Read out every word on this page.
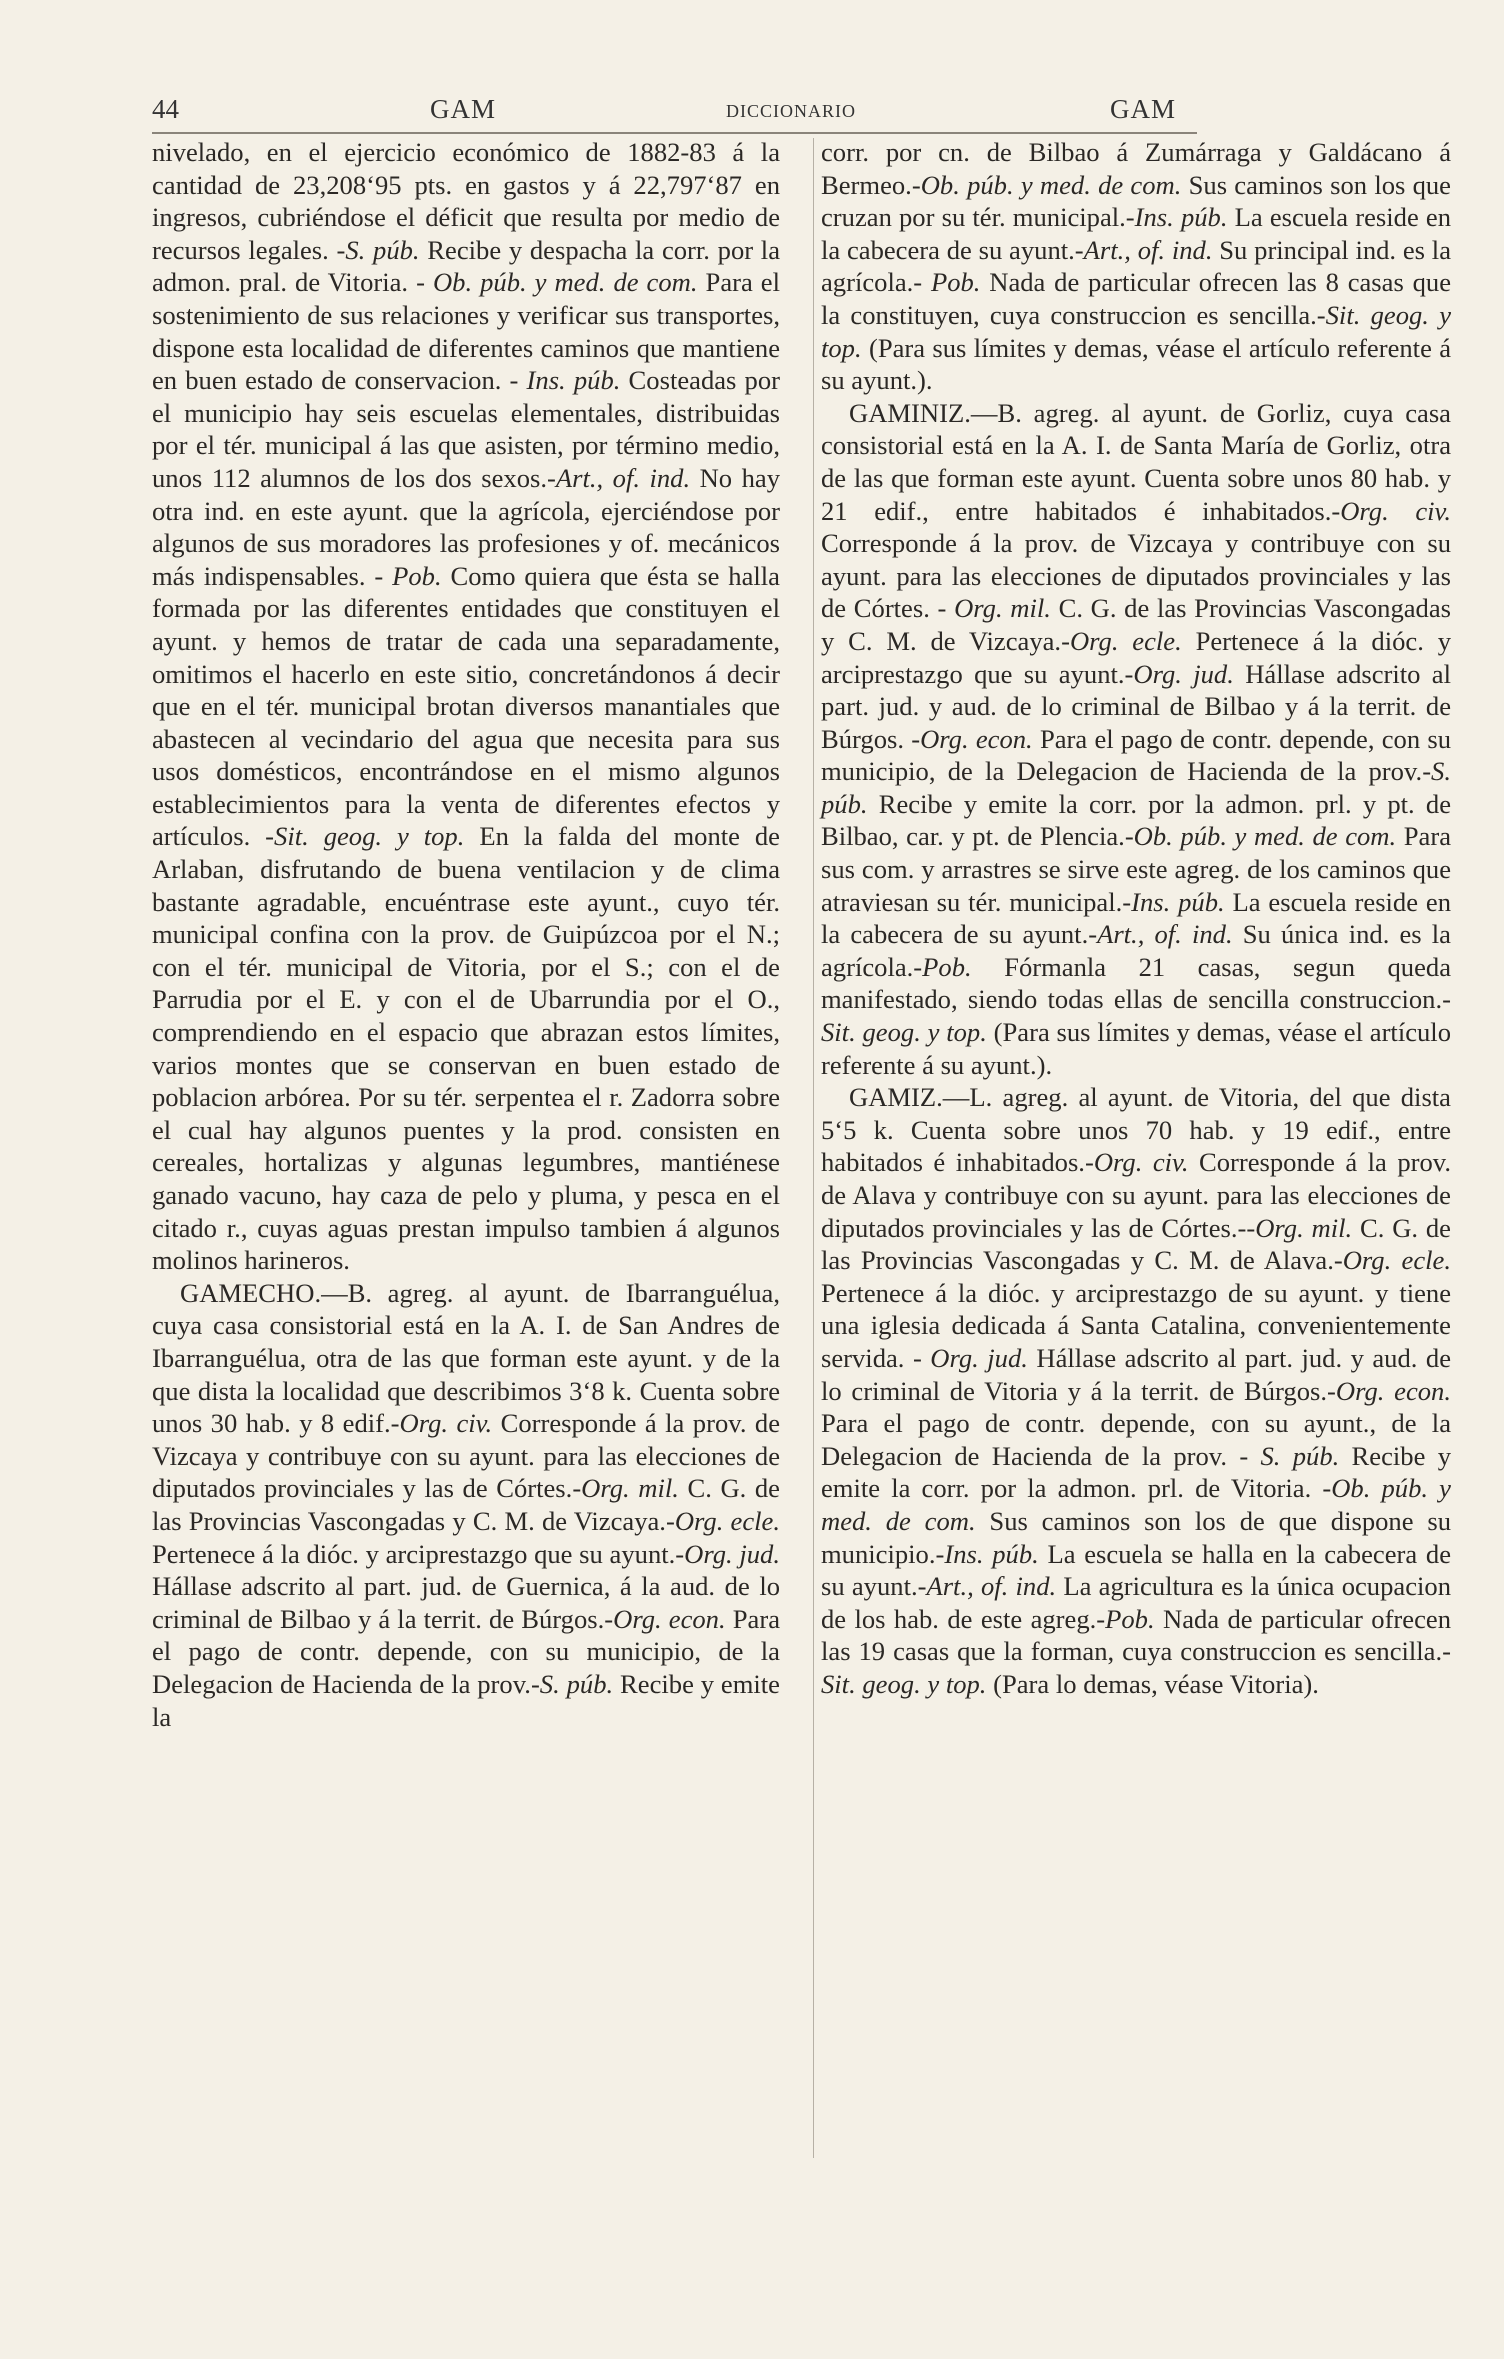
44	GAM	DICCIONARIO	GAM

nivelado, en el ejercicio económico de 1882-83 á la cantidad de 23,208‘95 pts. en gastos y á 22,797‘87 en ingresos, cubriéndose el déficit que resulta por medio de recursos legales. -S. púb. Recibe y despacha la corr. por la admon. pral. de Vitoria. - Ob. púb. y med. de com. Para el sostenimiento de sus relaciones y verificar sus transportes, dispone esta localidad de diferentes caminos que mantiene en buen estado de conservacion. - Ins. púb. Costeadas por el municipio hay seis escuelas elementales, distribuidas por el tér. municipal á las que asisten, por término medio, unos 112 alumnos de los dos sexos.-Art., of. ind. No hay otra ind. en este ayunt. que la agrícola, ejerciéndose por algunos de sus moradores las profesiones y of. mecánicos más indispensables. - Pob. Como quiera que ésta se halla formada por las diferentes entidades que constituyen el ayunt. y hemos de tratar de cada una separadamente, omitimos el hacerlo en este sitio, concretándonos á decir que en el tér. municipal brotan diversos manantiales que abastecen al vecindario del agua que necesita para sus usos domésticos, encontrándose en el mismo algunos establecimientos para la venta de diferentes efectos y artículos. -Sit. geog. y top. En la falda del monte de Arlaban, disfrutando de buena ventilacion y de clima bastante agradable, encuéntrase este ayunt., cuyo tér. municipal confina con la prov. de Guipúzcoa por el N.; con el tér. municipal de Vitoria, por el S.; con el de Parrudia por el E. y con el de Ubarrundia por el O., comprendiendo en el espacio que abrazan estos límites, varios montes que se conservan en buen estado de poblacion arbórea. Por su tér. serpentea el r. Zadorra sobre el cual hay algunos puentes y la prod. consisten en cereales, hortalizas y algunas legumbres, mantiénese ganado vacuno, hay caza de pelo y pluma, y pesca en el citado r., cuyas aguas prestan impulso tambien á algunos molinos harineros.

GAMECHO.—B. agreg. al ayunt. de Ibarranguélua, cuya casa consistorial está en la A. I. de San Andres de Ibarranguélua, otra de las que forman este ayunt. y de la que dista la localidad que describimos 3‘8 k. Cuenta sobre unos 30 hab. y 8 edif.-Org. civ. Corresponde á la prov. de Vizcaya y contribuye con su ayunt. para las elecciones de diputados provinciales y las de Córtes.-Org. mil. C. G. de las Provincias Vascongadas y C. M. de Vizcaya.-Org. ecle. Pertenece á la dióc. y arciprestazgo que su ayunt.-Org. jud. Hállase adscrito al part. jud. de Guernica, á la aud. de lo criminal de Bilbao y á la territ. de Búrgos.-Org. econ. Para el pago de contr. depende, con su municipio, de la Delegacion de Hacienda de la prov.-S. púb. Recibe y emite la

corr. por cn. de Bilbao á Zumárraga y Galdácano á Bermeo.-Ob. púb. y med. de com. Sus caminos son los que cruzan por su tér. municipal.-Ins. púb. La escuela reside en la cabecera de su ayunt.-Art., of. ind. Su principal ind. es la agrícola.- Pob. Nada de particular ofrecen las 8 casas que la constituyen, cuya construccion es sencilla.-Sit. geog. y top. (Para sus límites y demas, véase el artículo referente á su ayunt.).

GAMINIZ.—B. agreg. al ayunt. de Gorliz, cuya casa consistorial está en la A. I. de Santa María de Gorliz, otra de las que forman este ayunt. Cuenta sobre unos 80 hab. y 21 edif., entre habitados é inhabitados.-Org. civ. Corresponde á la prov. de Vizcaya y contribuye con su ayunt. para las elecciones de diputados provinciales y las de Córtes. - Org. mil. C. G. de las Provincias Vascongadas y C. M. de Vizcaya.-Org. ecle. Pertenece á la dióc. y arciprestazgo que su ayunt.-Org. jud. Hállase adscrito al part. jud. y aud. de lo criminal de Bilbao y á la territ. de Búrgos. -Org. econ. Para el pago de contr. depende, con su municipio, de la Delegacion de Hacienda de la prov.-S. púb. Recibe y emite la corr. por la admon. prl. y pt. de Bilbao, car. y pt. de Plencia.-Ob. púb. y med. de com. Para sus com. y arrastres se sirve este agreg. de los caminos que atraviesan su tér. municipal.-Ins. púb. La escuela reside en la cabecera de su ayunt.-Art., of. ind. Su única ind. es la agrícola.-Pob. Fórmanla 21 casas, segun queda manifestado, siendo todas ellas de sencilla construccion.-Sit. geog. y top. (Para sus límites y demas, véase el artículo referente á su ayunt.).

GAMIZ.—L. agreg. al ayunt. de Vitoria, del que dista 5‘5 k. Cuenta sobre unos 70 hab. y 19 edif., entre habitados é inhabitados.-Org. civ. Corresponde á la prov. de Alava y contribuye con su ayunt. para las elecciones de diputados provinciales y las de Córtes.--Org. mil. C. G. de las Provincias Vascongadas y C. M. de Alava.-Org. ecle. Pertenece á la dióc. y arciprestazgo de su ayunt. y tiene una iglesia dedicada á Santa Catalina, convenientemente servida. - Org. jud. Hállase adscrito al part. jud. y aud. de lo criminal de Vitoria y á la territ. de Búrgos.-Org. econ. Para el pago de contr. depende, con su ayunt., de la Delegacion de Hacienda de la prov. - S. púb. Recibe y emite la corr. por la admon. prl. de Vitoria. -Ob. púb. y med. de com. Sus caminos son los de que dispone su municipio.-Ins. púb. La escuela se halla en la cabecera de su ayunt.-Art., of. ind. La agricultura es la única ocupacion de los hab. de este agreg.-Pob. Nada de particular ofrecen las 19 casas que la forman, cuya construccion es sencilla.-Sit. geog. y top. (Para lo demas, véase Vitoria).
